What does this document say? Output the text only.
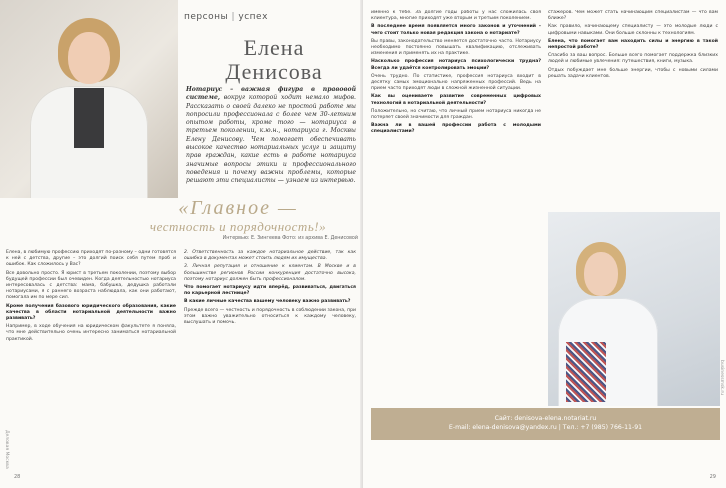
персоны | успех
Елена
Денисова
Нотариус – важная фигура в правовой системе, вокруг которой ходит немало мифов. Рассказать о своей далеко не простой работе мы попросили профессионала с более чем 30-летним опытом работы, кроме того — нотариуса в третьем поколении, к.ю.н., нотариуса г. Москвы Елену Денисову. Чем помогает обеспечивать высокое качество нотариальных услуг и защиту прав граждан, какие есть в работе нотариуса значимые вопросы этики и профессионального поведения и почему важны проблемы, которые решают эти специалисты — узнаем из интервью.
«Главное —
честность и порядочность!»
Интервью: Е. Зингеева Фото: из архива Е. Денисовой

Елена, в любимую профессию приходят по-разному – одни готовятся к ней с детства, другие – это долгий поиск себя путем проб и ошибок. Как сложилось у Вас?

Все довольно просто. Я юрист в третьем поколении, поэтому выбор будущей профессии был очевиден. Когда деятельностью нотариуса интересовалась с детства: мама, бабушка, дедушка работали нотариусами, я с раннего возраста наблюдала, как они работают, помогала им по мере сил.

Кроме получения базового юридического образования, какие качества в области нотариальной деятельности важно развивать?

Например, в ходе обучения на юридическом факультете я поняла, что мне действительно очень интересно заниматься нотариальной практикой.

2. Ответственность за каждое нотариальное действие, так как ошибка в документах может стоить людям их имущества.

3. Личная репутация и отношение к клиентам. В Москве и в большинстве регионов России конкуренция достаточно высока, поэтому нотариус должен быть профессионалом.

Что помогает нотариусу идти вперёд, развиваться, двигаться по карьерной лестнице?

В какие личные качества вашему человеку важно развивать?

Прежде всего — честность и порядочность в соблюдении закона, при этом важно уважительно относиться к каждому человеку, выслушать и помочь.

Деловая Москва
28

именно к тебе. За долгие годы работы у нас сложилась своя клиентура, многие приходят уже вторым и третьим поколением.

В последнее время появляется много законов и уточнений – чего стоит только новая редакция закона о нотариате?

Вы правы, законодательство меняется достаточно часто. Нотариусу необходимо постоянно повышать квалификацию, отслеживать изменения и применять их на практике.

Насколько профессия нотариуса психологически трудна? Всегда ли удаётся контролировать эмоции?

Очень трудно. По статистике, профессия нотариуса входит в десятку самых эмоционально напряженных профессий. Ведь на прием часто приходят люди в сложной жизненной ситуации.

Как вы оцениваете развитие современных цифровых технологий в нотариальной деятельности?

Положительно, но считаю, что личный прием нотариуса никогда не потеряет своей значимости для граждан.

Важна ли в вашей профессии работа с молодыми специалистами?

стажеров. Чем может стать начинающим специалистам — что вам ближе?

Как правило, начинающему специалисту — это молодые люди с цифровыми навыками. Они больше склонны к технологиям.

Елена, что помогает вам находить силы и энергию в такой непростой работе?

Спасибо за ваш вопрос. Больше всего помогает поддержка близких людей и любимые увлечения: путешествия, книги, музыка.

Отдых побуждает мне больше энергии, чтобы с новыми силами решать задачи клиентов.

Сайт: denisova-elena.notariat.ru
E-mail: elena-denisova@yandex.ru | Тел.: +7 (985) 766-11-91
businessmsk.ru
29
